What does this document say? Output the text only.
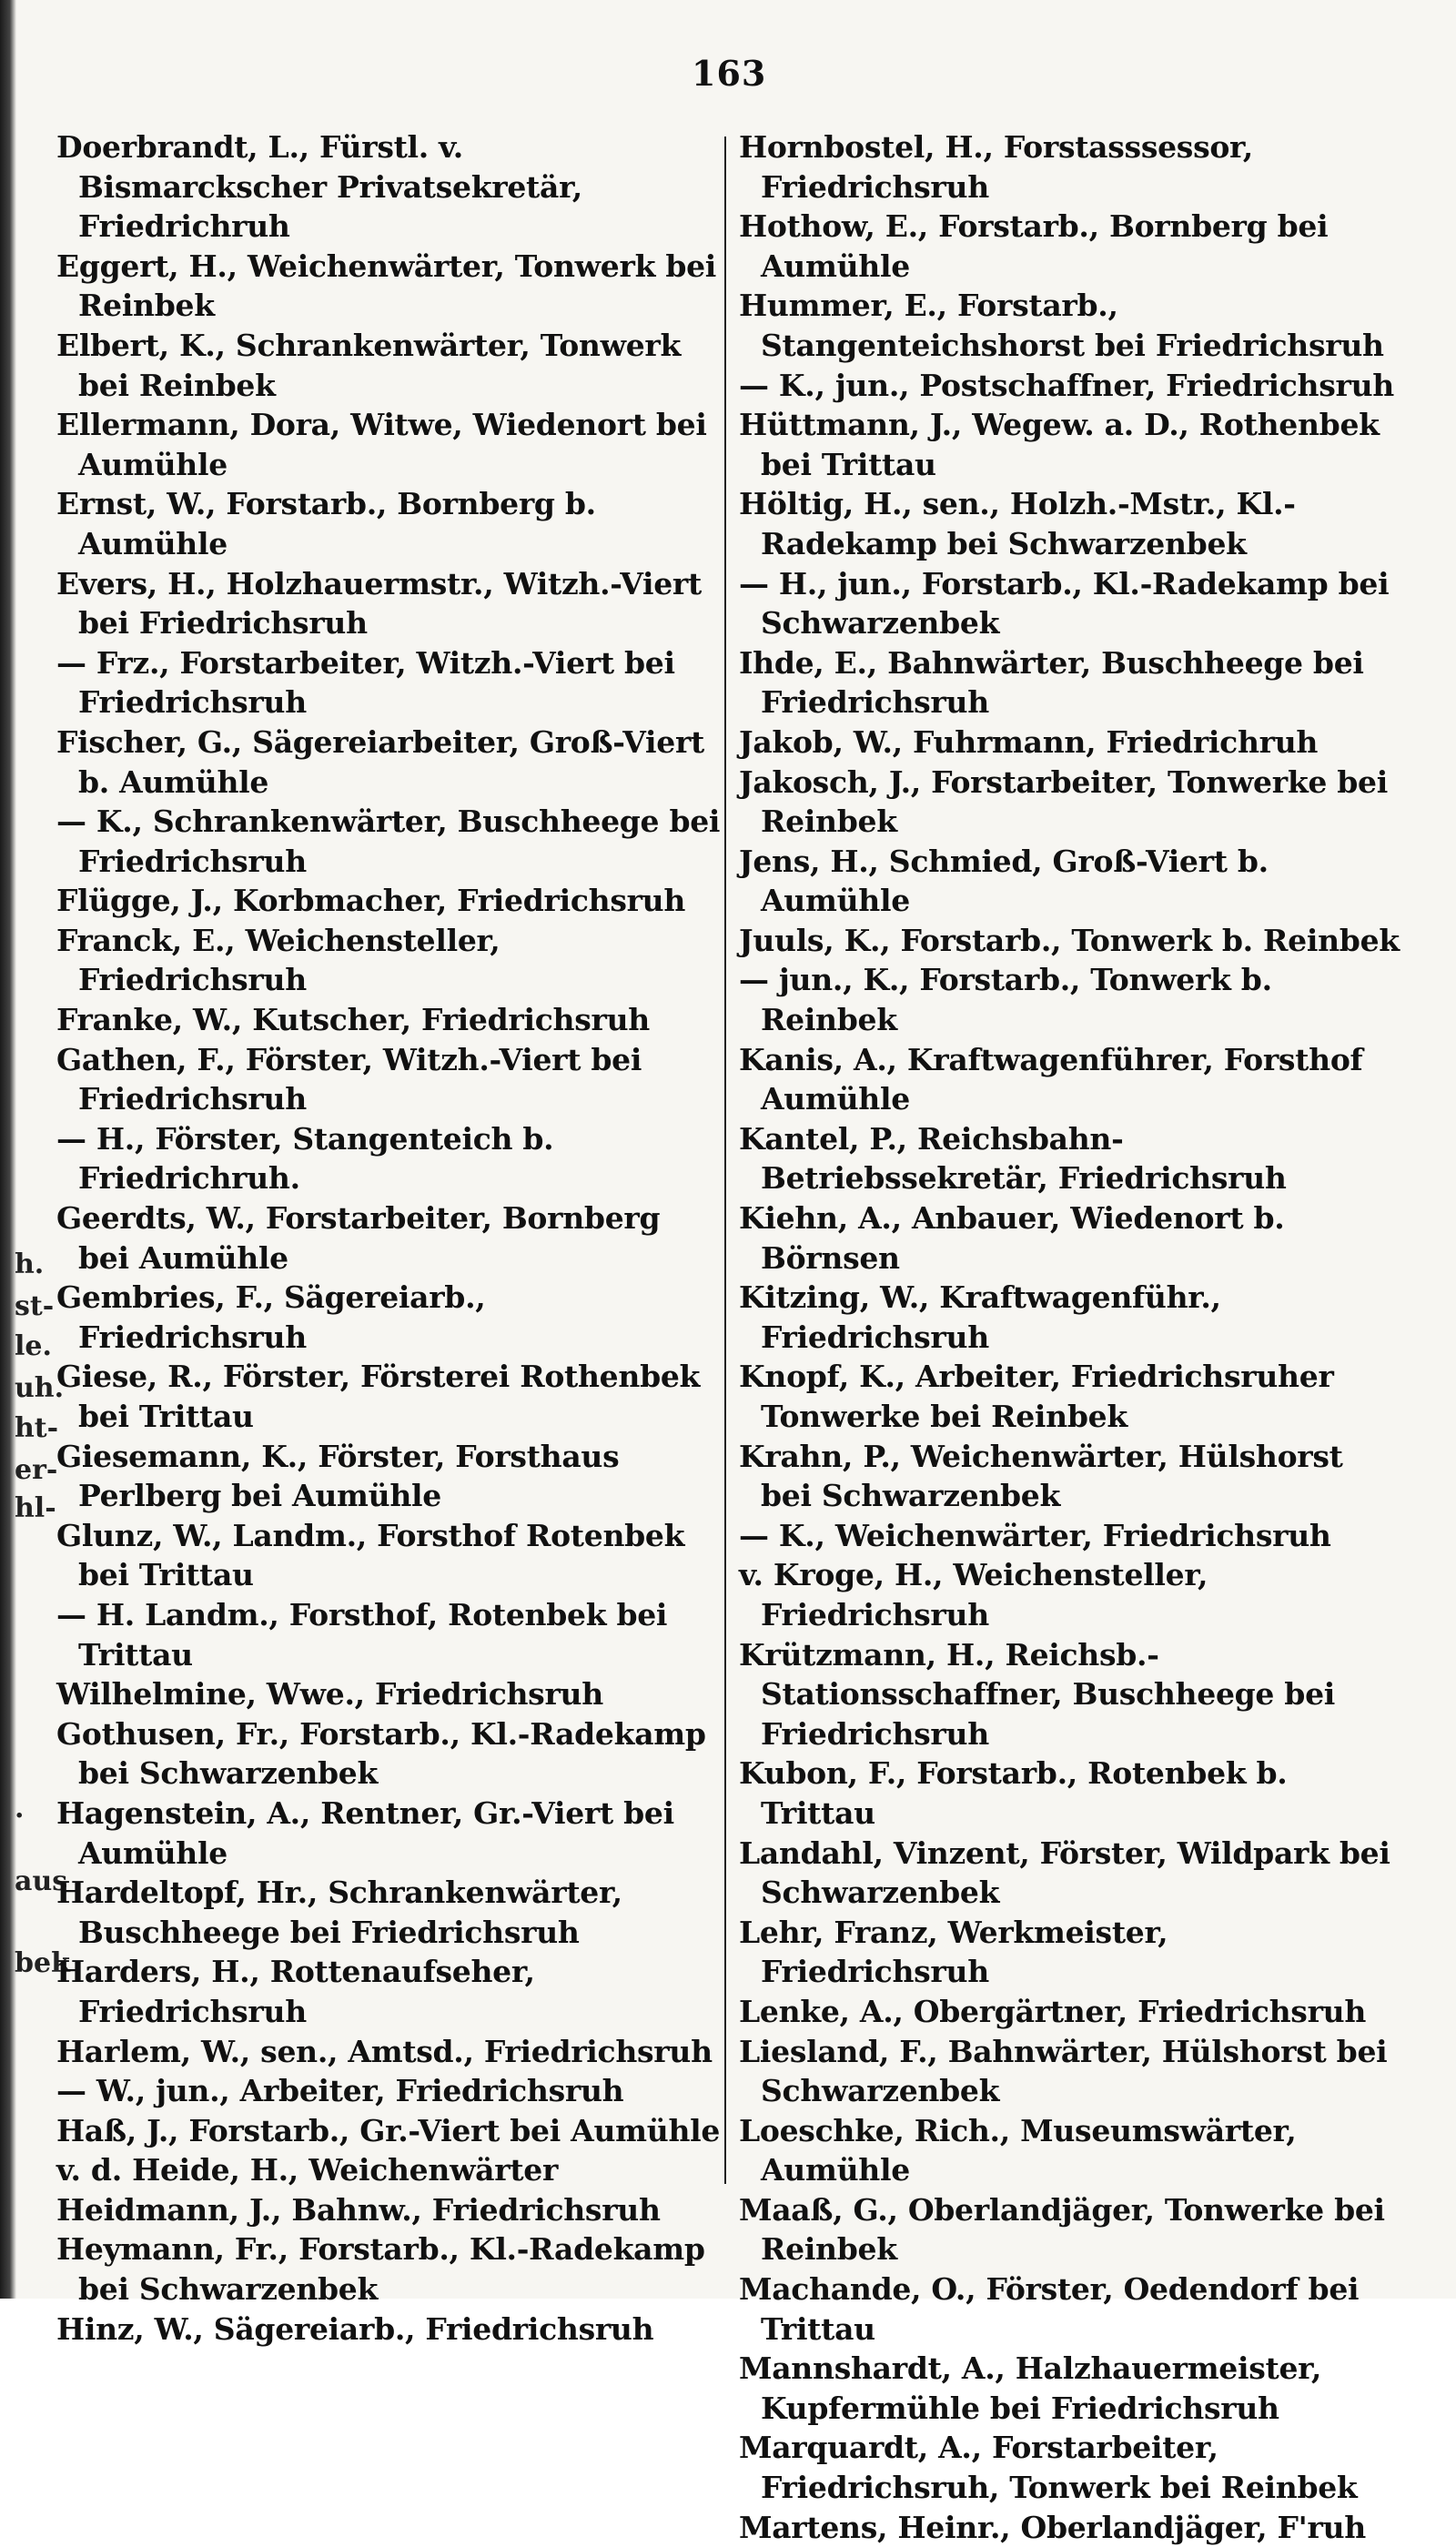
h.
st-
le.
uh.
ht-
er-
hl-
.
aus
bek
163

Doerbrandt, L., Fürstl. v. Bismarckscher Privatsekretär, Friedrichruh

Eggert, H., Weichenwärter, Tonwerk bei Reinbek

Elbert, K., Schrankenwärter, Tonwerk bei Reinbek

Ellermann, Dora, Witwe, Wiedenort bei Aumühle

Ernst, W., Forstarb., Bornberg b. Aumühle

Evers, H., Holzhauermstr., Witzh.-Viert bei Friedrichsruh

— Frz., Forstarbeiter, Witzh.-Viert bei Friedrichsruh

Fischer, G., Sägereiarbeiter, Groß-Viert b. Aumühle

— K., Schrankenwärter, Buschheege bei Friedrichsruh

Flügge, J., Korbmacher, Friedrichsruh

Franck, E., Weichensteller, Friedrichsruh

Franke, W., Kutscher, Friedrichsruh

Gathen, F., Förster, Witzh.-Viert bei Friedrichsruh

— H., Förster, Stangenteich b. Friedrichruh.

Geerdts, W., Forstarbeiter, Bornberg bei Aumühle

Gembries, F., Sägereiarb., Friedrichsruh

Giese, R., Förster, Försterei Rothenbek bei Trittau

Giesemann, K., Förster, Forsthaus Perlberg bei Aumühle

Glunz, W., Landm., Forsthof Rotenbek bei Trittau

— H. Landm., Forsthof, Rotenbek bei Trittau

Wilhelmine, Wwe., Friedrichsruh

Gothusen, Fr., Forstarb., Kl.-Radekamp bei Schwarzenbek

Hagenstein, A., Rentner, Gr.-Viert bei Aumühle

Hardeltopf, Hr., Schrankenwärter, Buschheege bei Friedrichsruh

Harders, H., Rottenaufseher, Friedrichsruh

Harlem, W., sen., Amtsd., Friedrichsruh

— W., jun., Arbeiter, Friedrichsruh

Haß, J., Forstarb., Gr.-Viert bei Aumühle

v. d. Heide, H., Weichenwärter

Heidmann, J., Bahnw., Friedrichsruh

Heymann, Fr., Forstarb., Kl.-Radekamp bei Schwarzenbek

Hinz, W., Sägereiarb., Friedrichsruh

Hornbostel, H., Forstasssessor, Friedrichsruh

Hothow, E., Forstarb., Bornberg bei Aumühle

Hummer, E., Forstarb., Stangenteichshorst bei Friedrichsruh

— K., jun., Postschaffner, Friedrichsruh

Hüttmann, J., Wegew. a. D., Rothenbek bei Trittau

Höltig, H., sen., Holzh.-Mstr., Kl.-Radekamp bei Schwarzenbek

— H., jun., Forstarb., Kl.-Radekamp bei Schwarzenbek

Ihde, E., Bahnwärter, Buschheege bei Friedrichsruh

Jakob, W., Fuhrmann, Friedrichruh

Jakosch, J., Forstarbeiter, Tonwerke bei Reinbek

Jens, H., Schmied, Groß-Viert b. Aumühle

Juuls, K., Forstarb., Tonwerk b. Reinbek

— jun., K., Forstarb., Tonwerk b. Reinbek

Kanis, A., Kraftwagenführer, Forsthof Aumühle

Kantel, P., Reichsbahn-Betriebssekretär, Friedrichsruh

Kiehn, A., Anbauer, Wiedenort b. Börnsen

Kitzing, W., Kraftwagenführ., Friedrichsruh

Knopf, K., Arbeiter, Friedrichsruher Tonwerke bei Reinbek

Krahn, P., Weichenwärter, Hülshorst bei Schwarzenbek

— K., Weichenwärter, Friedrichsruh

v. Kroge, H., Weichensteller, Friedrichsruh

Krützmann, H., Reichsb.-Stationsschaffner, Buschheege bei Friedrichsruh

Kubon, F., Forstarb., Rotenbek b. Trittau

Landahl, Vinzent, Förster, Wildpark bei Schwarzenbek

Lehr, Franz, Werkmeister, Friedrichsruh

Lenke, A., Obergärtner, Friedrichsruh

Liesland, F., Bahnwärter, Hülshorst bei Schwarzenbek

Loeschke, Rich., Museumswärter, Aumühle

Maaß, G., Oberlandjäger, Tonwerke bei Reinbek

Machande, O., Förster, Oedendorf bei Trittau

Mannshardt, A., Halzhauermeister, Kupfermühle bei Friedrichsruh

Marquardt, A., Forstarbeiter, Friedrichsruh, Tonwerk bei Reinbek

Martens, Heinr., Oberlandjäger, F'ruh
